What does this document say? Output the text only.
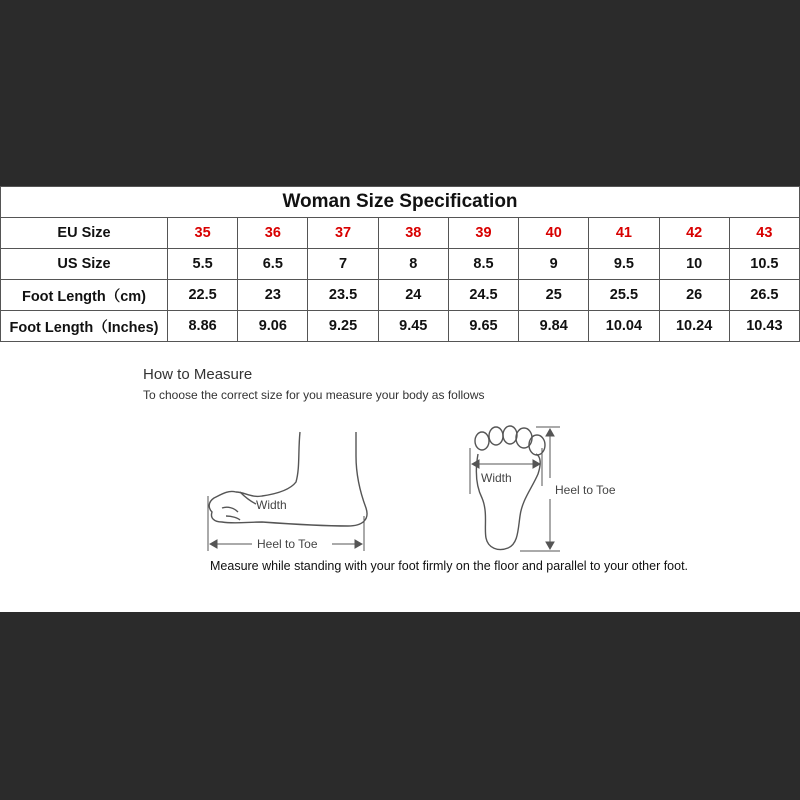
Woman Size Specification									
EU Size	35	36	37	38	39	40	41	42	43
US Size	5.5	6.5	7	8	8.5	9	9.5	10	10.5
Foot Length（cm)	22.5	23	23.5	24	24.5	25	25.5	26	26.5
Foot Length（Inches)	8.86	9.06	9.25	9.45	9.65	9.84	10.04	10.24	10.43
How to Measure
To choose the correct size for you measure your body as follows
Width
Heel to Toe
Width
Heel to Toe
Measure while standing with your foot firmly on the floor and parallel to your other foot.
